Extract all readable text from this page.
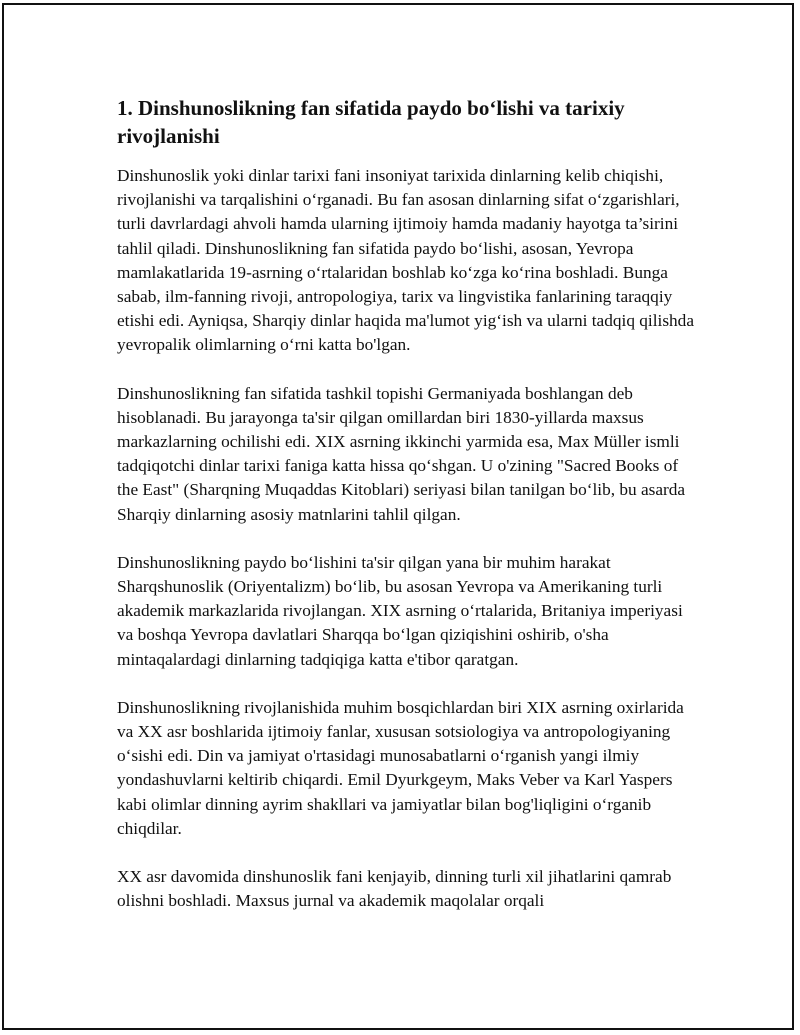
1. Dinshunoslikning fan sifatida paydo bo‘lishi va tarixiy rivojlanishi

Dinshunoslik yoki dinlar tarixi fani insoniyat tarixida dinlarning kelib chiqishi, rivojlanishi va tarqalishini o‘rganadi. Bu fan asosan dinlarning sifat o‘zgarishlari, turli davrlardagi ahvoli hamda ularning ijtimoiy hamda madaniy hayotga ta’sirini tahlil qiladi. Dinshunoslikning fan sifatida paydo bo‘lishi, asosan, Yevropa mamlakatlarida 19-asrning o‘rtalaridan boshlab ko‘zga ko‘rina boshladi. Bunga sabab, ilm-fanning rivoji, antropologiya, tarix va lingvistika fanlarining taraqqiy etishi edi. Ayniqsa, Sharqiy dinlar haqida ma'lumot yig‘ish va ularni tadqiq qilishda yevropalik olimlarning o‘rni katta bo'lgan.

Dinshunoslikning fan sifatida tashkil topishi Germaniyada boshlangan deb hisoblanadi. Bu jarayonga ta'sir qilgan omillardan biri 1830-yillarda maxsus markazlarning ochilishi edi. XIX asrning ikkinchi yarmida esa, Max Müller ismli tadqiqotchi dinlar tarixi faniga katta hissa qo‘shgan. U o'zining "Sacred Books of the East" (Sharqning Muqaddas Kitoblari) seriyasi bilan tanilgan bo‘lib, bu asarda Sharqiy dinlarning asosiy matnlarini tahlil qilgan.

Dinshunoslikning paydo bo‘lishini ta'sir qilgan yana bir muhim harakat Sharqshunoslik (Oriyentalizm) bo‘lib, bu asosan Yevropa va Amerikaning turli akademik markazlarida rivojlangan. XIX asrning o‘rtalarida, Britaniya imperiyasi va boshqa Yevropa davlatlari Sharqqa bo‘lgan qiziqishini oshirib, o'sha mintaqalardagi dinlarning tadqiqiga katta e'tibor qaratgan.

Dinshunoslikning rivojlanishida muhim bosqichlardan biri XIX asrning oxirlarida va XX asr boshlarida ijtimoiy fanlar, xususan sotsiologiya va antropologiyaning o‘sishi edi. Din va jamiyat o'rtasidagi munosabatlarni o‘rganish yangi ilmiy yondashuvlarni keltirib chiqardi. Emil Dyurkgeym, Maks Veber va Karl Yaspers kabi olimlar dinning ayrim shakllari va jamiyatlar bilan bog'liqligini o‘rganib chiqdilar.

XX asr davomida dinshunoslik fani kenjayib, dinning turli xil jihatlarini qamrab olishni boshladi. Maxsus jurnal va akademik maqolalar orqali
